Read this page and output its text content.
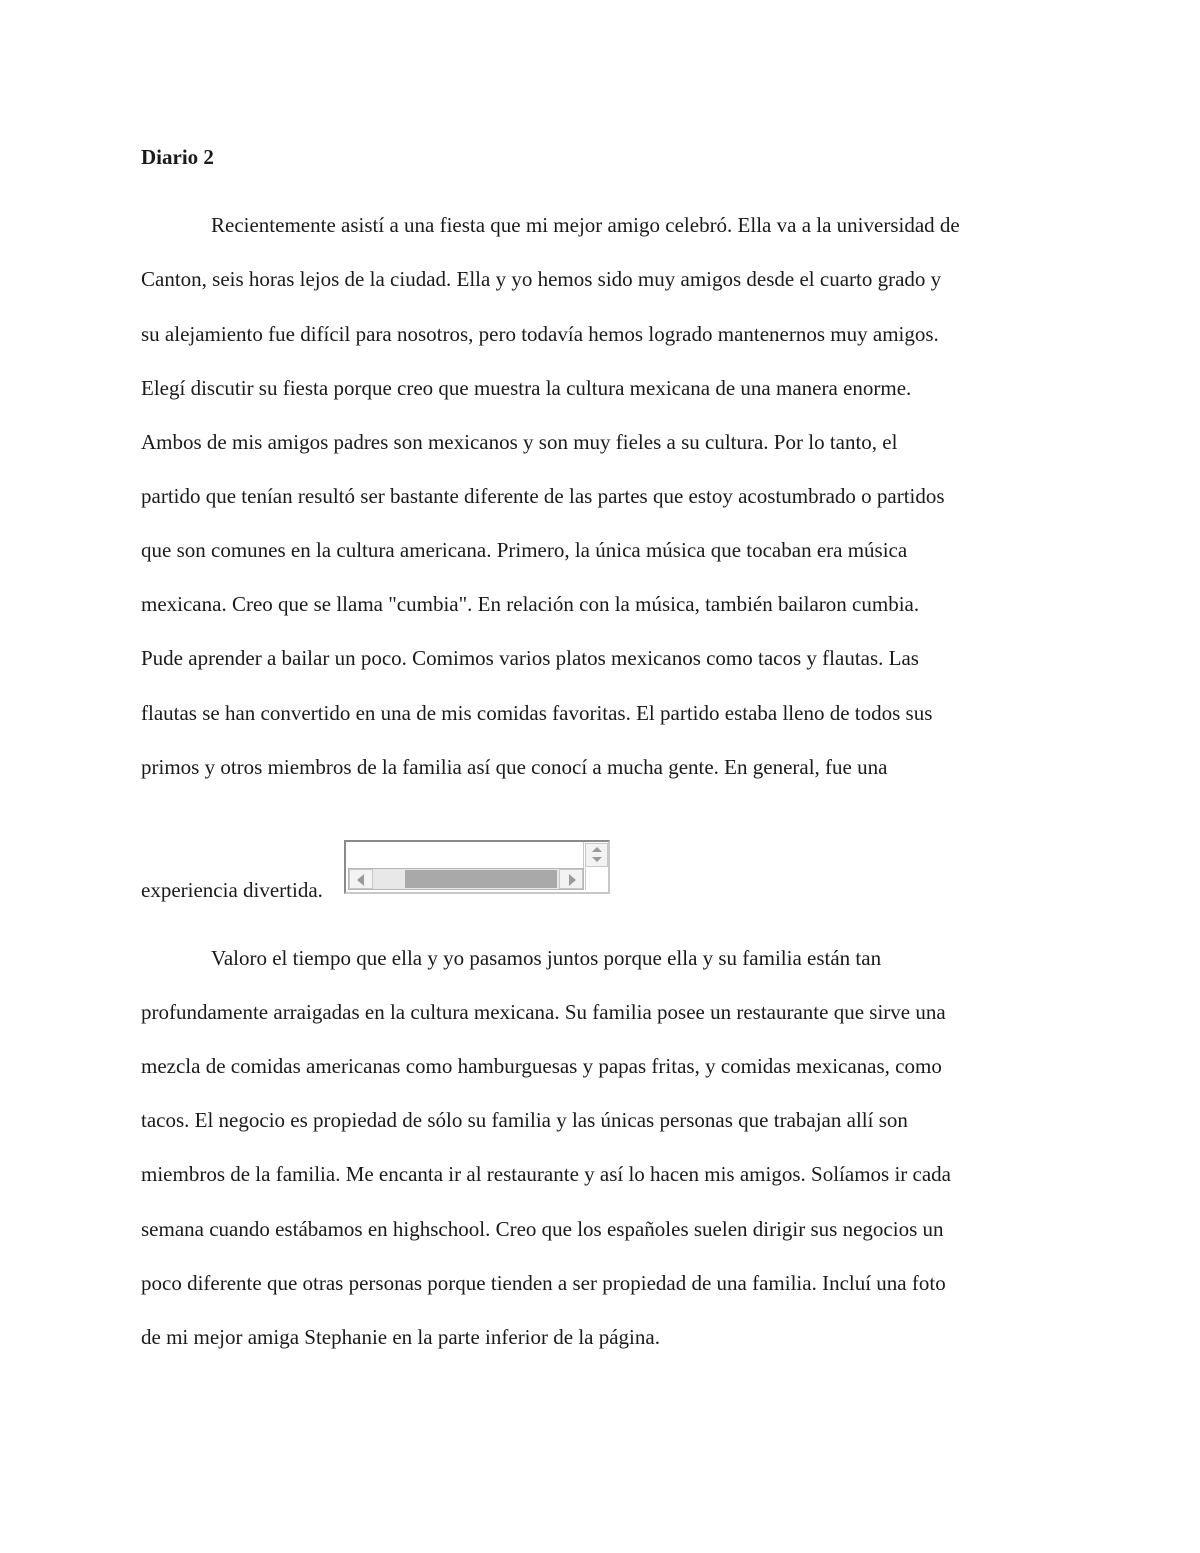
Diario 2

Recientemente asistí a una fiesta que mi mejor amigo celebró. Ella va a la universidad de

Canton, seis horas lejos de la ciudad. Ella y yo hemos sido muy amigos desde el cuarto grado y

su alejamiento fue difícil para nosotros, pero todavía hemos logrado mantenernos muy amigos.

Elegí discutir su fiesta porque creo que muestra la cultura mexicana de una manera enorme.

Ambos de mis amigos padres son mexicanos y son muy fieles a su cultura. Por lo tanto, el

partido que tenían resultó ser bastante diferente de las partes que estoy acostumbrado o partidos

que son comunes en la cultura americana. Primero, la única música que tocaban era música

mexicana. Creo que se llama "cumbia". En relación con la música, también bailaron cumbia.

Pude aprender a bailar un poco. Comimos varios platos mexicanos como tacos y flautas. Las

flautas se han convertido en una de mis comidas favoritas. El partido estaba lleno de todos sus

primos y otros miembros de la familia así que conocí a mucha gente. En general, fue una

experiencia divertida.

Valoro el tiempo que ella y yo pasamos juntos porque ella y su familia están tan

profundamente arraigadas en la cultura mexicana. Su familia posee un restaurante que sirve una

mezcla de comidas americanas como hamburguesas y papas fritas, y comidas mexicanas, como

tacos. El negocio es propiedad de sólo su familia y las únicas personas que trabajan allí son

miembros de la familia. Me encanta ir al restaurante y así lo hacen mis amigos. Solíamos ir cada

semana cuando estábamos en highschool. Creo que los españoles suelen dirigir sus negocios un

poco diferente que otras personas porque tienden a ser propiedad de una familia. Incluí una foto

de mi mejor amiga Stephanie en la parte inferior de la página.
